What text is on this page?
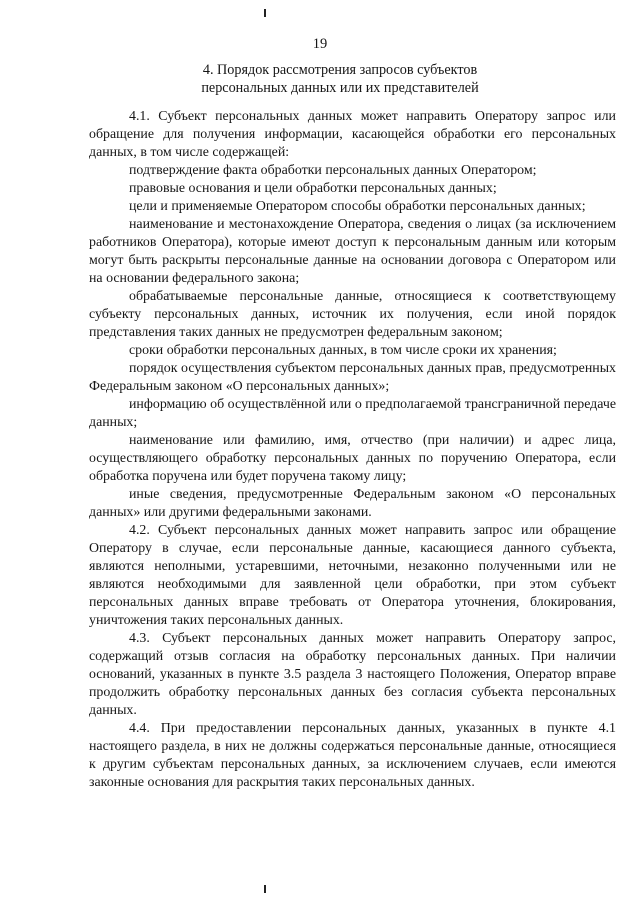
19
4. Порядок рассмотрения запросов субъектов
персональных данных или их представителей

4.1. Субъект персональных данных может направить Оператору запрос или обращение для получения информации, касающейся обработки его персональных данных, в том числе содержащей:

подтверждение факта обработки персональных данных Оператором;

правовые основания и цели обработки персональных данных;

цели и применяемые Оператором способы обработки персональных данных;

наименование и местонахождение Оператора, сведения о лицах (за исключением работников Оператора), которые имеют доступ к персональным данным или которым могут быть раскрыты персональные данные на основании договора с Оператором или на основании федерального закона;

обрабатываемые персональные данные, относящиеся к соответствующему субъекту персональных данных, источник их получения, если иной порядок представления таких данных не предусмотрен федеральным законом;

сроки обработки персональных данных, в том числе сроки их хранения;

порядок осуществления субъектом персональных данных прав, предусмотренных Федеральным законом «О персональных данных»;

информацию об осуществлённой или о предполагаемой трансграничной передаче данных;

наименование или фамилию, имя, отчество (при наличии) и адрес лица, осуществляющего обработку персональных данных по поручению Оператора, если обработка поручена или будет поручена такому лицу;

иные сведения, предусмотренные Федеральным законом «О персональных данных» или другими федеральными законами.

4.2. Субъект персональных данных может направить запрос или обращение Оператору в случае, если персональные данные, касающиеся данного субъекта, являются неполными, устаревшими, неточными, незаконно полученными или не являются необходимыми для заявленной цели обработки, при этом субъект персональных данных вправе требовать от Оператора уточнения, блокирования, уничтожения таких персональных данных.

4.3. Субъект персональных данных может направить Оператору запрос, содержащий отзыв согласия на обработку персональных данных. При наличии оснований, указанных в пункте 3.5 раздела 3 настоящего Положения, Оператор вправе продолжить обработку персональных данных без согласия субъекта персональных данных.

4.4. При предоставлении персональных данных, указанных в пункте 4.1 настоящего раздела, в них не должны содержаться персональные данные, относящиеся к другим субъектам персональных данных, за исключением случаев, если имеются законные основания для раскрытия таких персональных данных.
